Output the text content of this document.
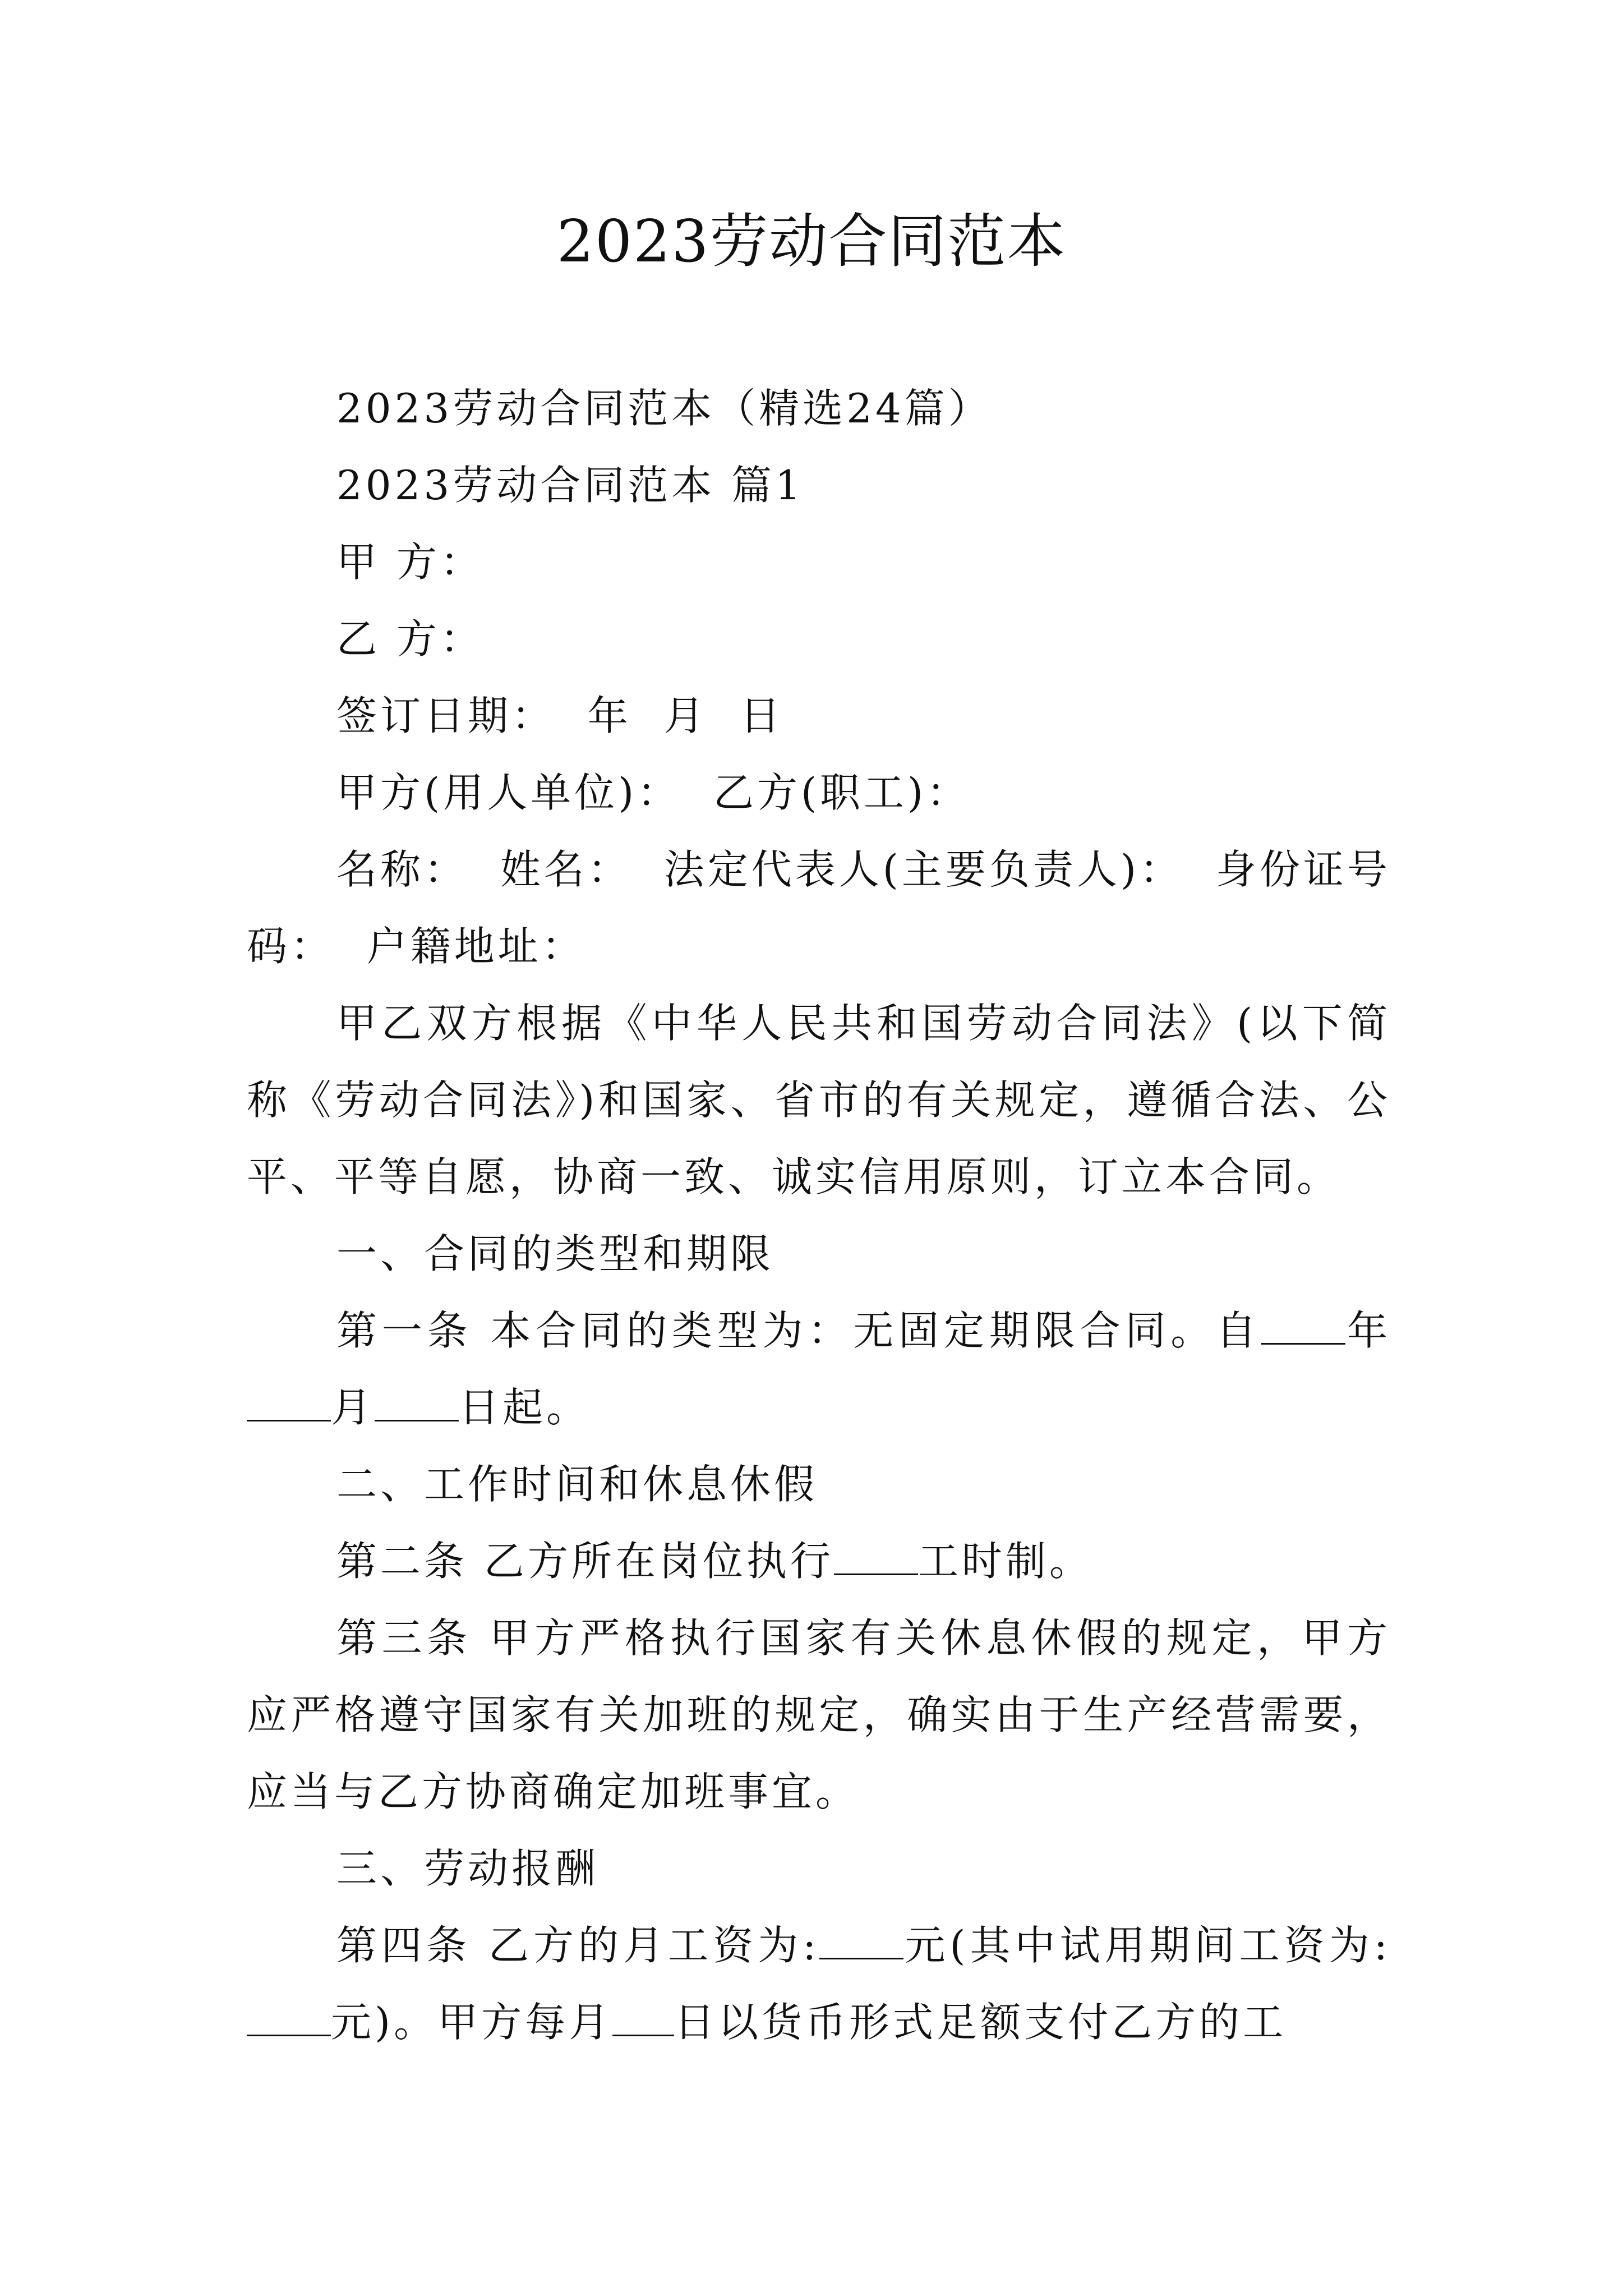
2023劳动合同范本

2023劳动合同范本（精选24篇）

2023劳动合同范本 篇1

甲 方：

乙 方：

签订日期：  年  月  日

甲方(用人单位)：  乙方(职工)：

名称：  姓名：  法定代表人(主要负责人)：  身份证号码：  户籍地址：

甲乙双方根据《中华人民共和国劳动合同法》(以下简称《劳动合同法》)和国家、省市的有关规定，遵循合法、公平、平等自愿，协商一致、诚实信用原则，订立本合同。

一、合同的类型和期限

第一条 本合同的类型为：无固定期限合同。自 年月 日起。

二、工作时间和休息休假

第二条 乙方所在岗位执行 工时制。

第三条 甲方严格执行国家有关休息休假的规定，甲方应严格遵守国家有关加班的规定，确实由于生产经营需要，应当与乙方协商确定加班事宜。

三、劳动报酬

第四条 乙方的月工资为: 元(其中试用期间工资为:元)。甲方每月 日以货币形式足额支付乙方的工
